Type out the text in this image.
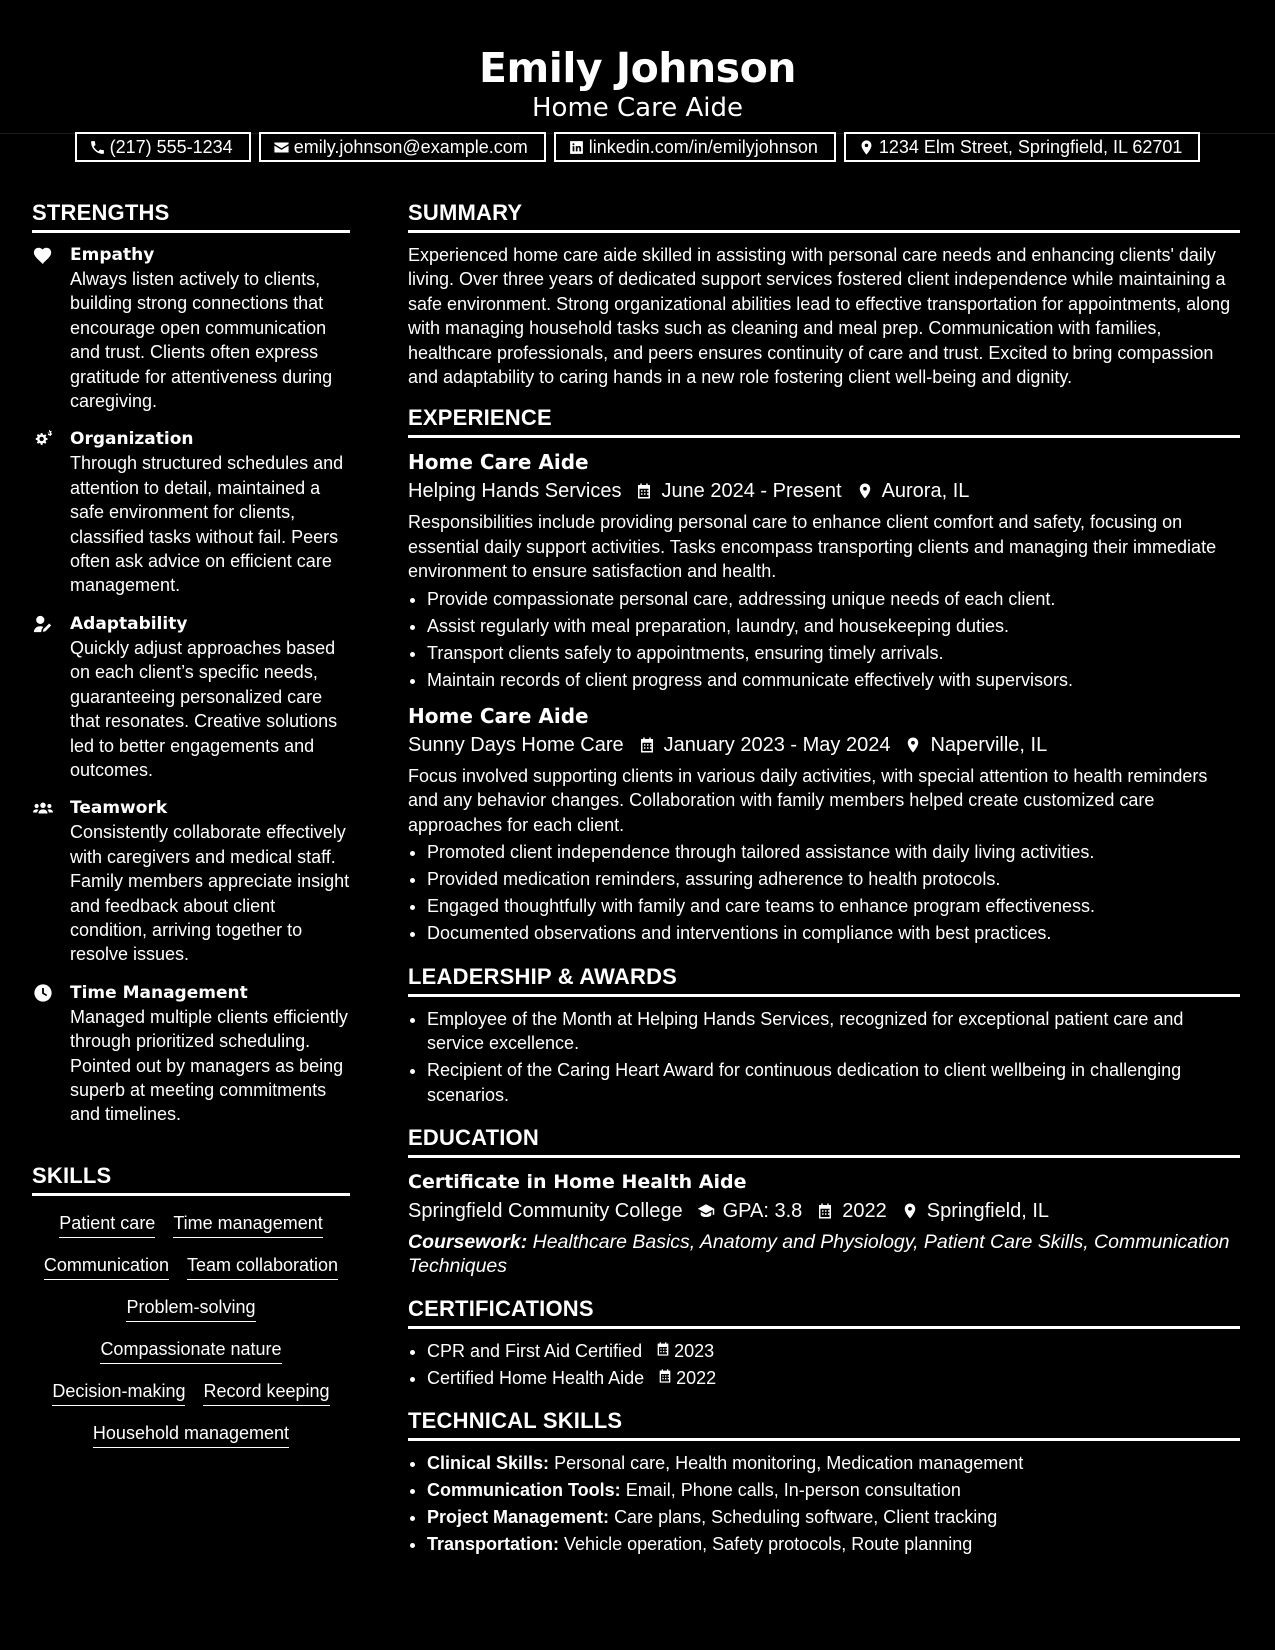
Emily Johnson
Home Care Aide
(217) 555-1234	emily.johnson@example.com	linkedin.com/in/emilyjohnson	1234 Elm Street, Springfield, IL 62701
STRENGTHS
Empathy
Always listen actively to clients, building strong connections that encourage open communication and trust. Clients often express gratitude for attentiveness during caregiving.
Organization
Through structured schedules and attention to detail, maintained a safe environment for clients, classified tasks without fail. Peers often ask advice on efficient care management.
Adaptability
Quickly adjust approaches based on each client’s specific needs, guaranteeing personalized care that resonates. Creative solutions led to better engagements and outcomes.
Teamwork
Consistently collaborate effectively with caregivers and medical staff. Family members appreciate insight and feedback about client condition, arriving together to resolve issues.
Time Management
Managed multiple clients efficiently through prioritized scheduling. Pointed out by managers as being superb at meeting commitments and timelines.
SKILLS
Patient care Time management
Communication Team collaboration
Problem-solving
Compassionate nature
Decision-making Record keeping
Household management
SUMMARY
Experienced home care aide skilled in assisting with personal care needs and enhancing clients' daily living. Over three years of dedicated support services fostered client independence while maintaining a safe environment. Strong organizational abilities lead to effective transportation for appointments, along with managing household tasks such as cleaning and meal prep. Communication with families, healthcare professionals, and peers ensures continuity of care and trust. Excited to bring compassion and adaptability to caring hands in a new role fostering client well-being and dignity.
EXPERIENCE
Home Care Aide
Helping Hands Services June 2024 - Present Aurora, IL
Responsibilities include providing personal care to enhance client comfort and safety, focusing on essential daily support activities. Tasks encompass transporting clients and managing their immediate environment to ensure satisfaction and health.
• Provide compassionate personal care, addressing unique needs of each client.
• Assist regularly with meal preparation, laundry, and housekeeping duties.
• Transport clients safely to appointments, ensuring timely arrivals.
• Maintain records of client progress and communicate effectively with supervisors.
Home Care Aide
Sunny Days Home Care January 2023 - May 2024 Naperville, IL
Focus involved supporting clients in various daily activities, with special attention to health reminders and any behavior changes. Collaboration with family members helped create customized care approaches for each client.
• Promoted client independence through tailored assistance with daily living activities.
• Provided medication reminders, assuring adherence to health protocols.
• Engaged thoughtfully with family and care teams to enhance program effectiveness.
• Documented observations and interventions in compliance with best practices.
LEADERSHIP & AWARDS
• Employee of the Month at Helping Hands Services, recognized for exceptional patient care and service excellence.
• Recipient of the Caring Heart Award for continuous dedication to client wellbeing in challenging scenarios.
EDUCATION
Certificate in Home Health Aide
Springfield Community College GPA: 3.8 2022 Springfield, IL
Coursework: Healthcare Basics, Anatomy and Physiology, Patient Care Skills, Communication Techniques
CERTIFICATIONS
• CPR and First Aid Certified 2023
• Certified Home Health Aide 2022
TECHNICAL SKILLS
• Clinical Skills: Personal care, Health monitoring, Medication management
• Communication Tools: Email, Phone calls, In-person consultation
• Project Management: Care plans, Scheduling software, Client tracking
• Transportation: Vehicle operation, Safety protocols, Route planning
